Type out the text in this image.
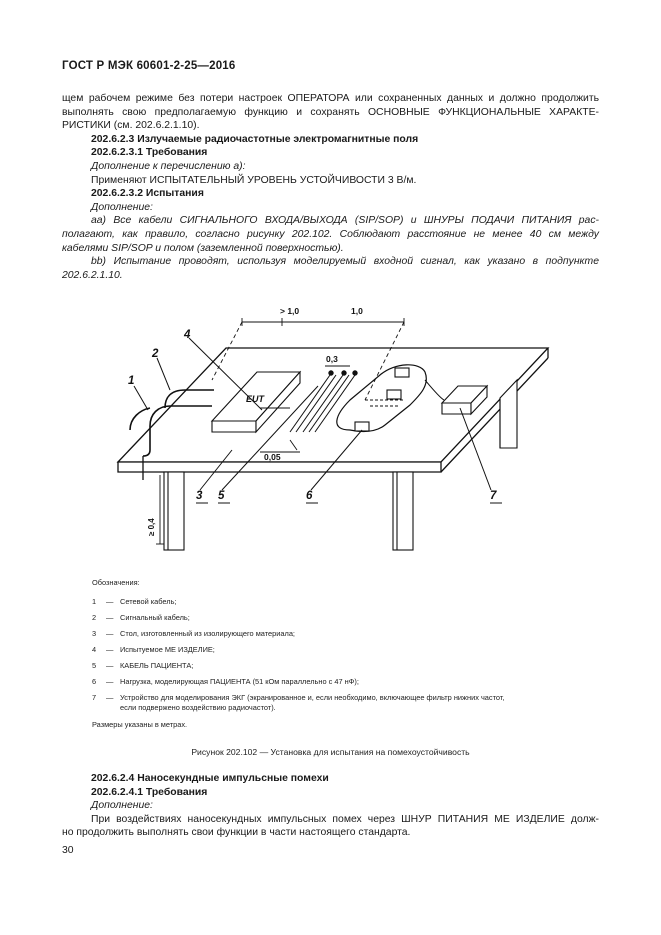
ГОСТ Р МЭК 60601-2-25—2016
щем рабочем режиме без потери настроек ОПЕРАТОРА или сохраненных данных и должно продолжить
выполнять свою предполагаемую функцию и сохранять ОСНОВНЫЕ ФУНКЦИОНАЛЬНЫЕ ХАРАКТЕ-
РИСТИКИ (см. 202.6.2.1.10).
202.6.2.3 Излучаемые радиочастотные электромагнитные поля
202.6.2.3.1 Требования
Дополнение к перечислению а):
Применяют ИСПЫТАТЕЛЬНЫЙ УРОВЕНЬ УСТОЙЧИВОСТИ 3 В/м.
202.6.2.3.2 Испытания
Дополнение:
аа) Все кабели СИГНАЛЬНОГО ВХОДА/ВЫХОДА (SIP/SOP) и ШНУРЫ ПОДАЧИ ПИТАНИЯ рас-
полагают, как правило, согласно рисунку 202.102. Соблюдают расстояние не менее 40 см между
кабелями SIP/SOP и полом (заземленной поверхностью).
bb) Испытание проводят, используя моделируемый входной сигнал, как указано в подпункте
202.6.2.1.10.
EUT
> 1,0	1,0
0,3
0,05
≥ 0,4
1
2
4
3 5	6	7
Обозначения:
1 — Сетевой кабель;
2 — Сигнальный кабель;
3 — Стол, изготовленный из изолирующего материала;
4 — Испытуемое МЕ ИЗДЕЛИЕ;
5 — КАБЕЛЬ ПАЦИЕНТА;
6 — Нагрузка, моделирующая ПАЦИЕНТА (51 кОм параллельно с 47 нФ);
7 — Устройство для моделирования ЭКГ (экранированное и, если необходимо, включающее фильтр нижних частот,
если подвержено воздействию радиочастот).
Размеры указаны в метрах.
Рисунок 202.102 — Установка для испытания на помехоустойчивость
202.6.2.4 Наносекундные импульсные помехи
202.6.2.4.1 Требования
Дополнение:
При воздействиях наносекундных импульсных помех через ШНУР ПИТАНИЯ МЕ ИЗДЕЛИЕ долж-
но продолжить выполнять свои функции в части настоящего стандарта.
30
